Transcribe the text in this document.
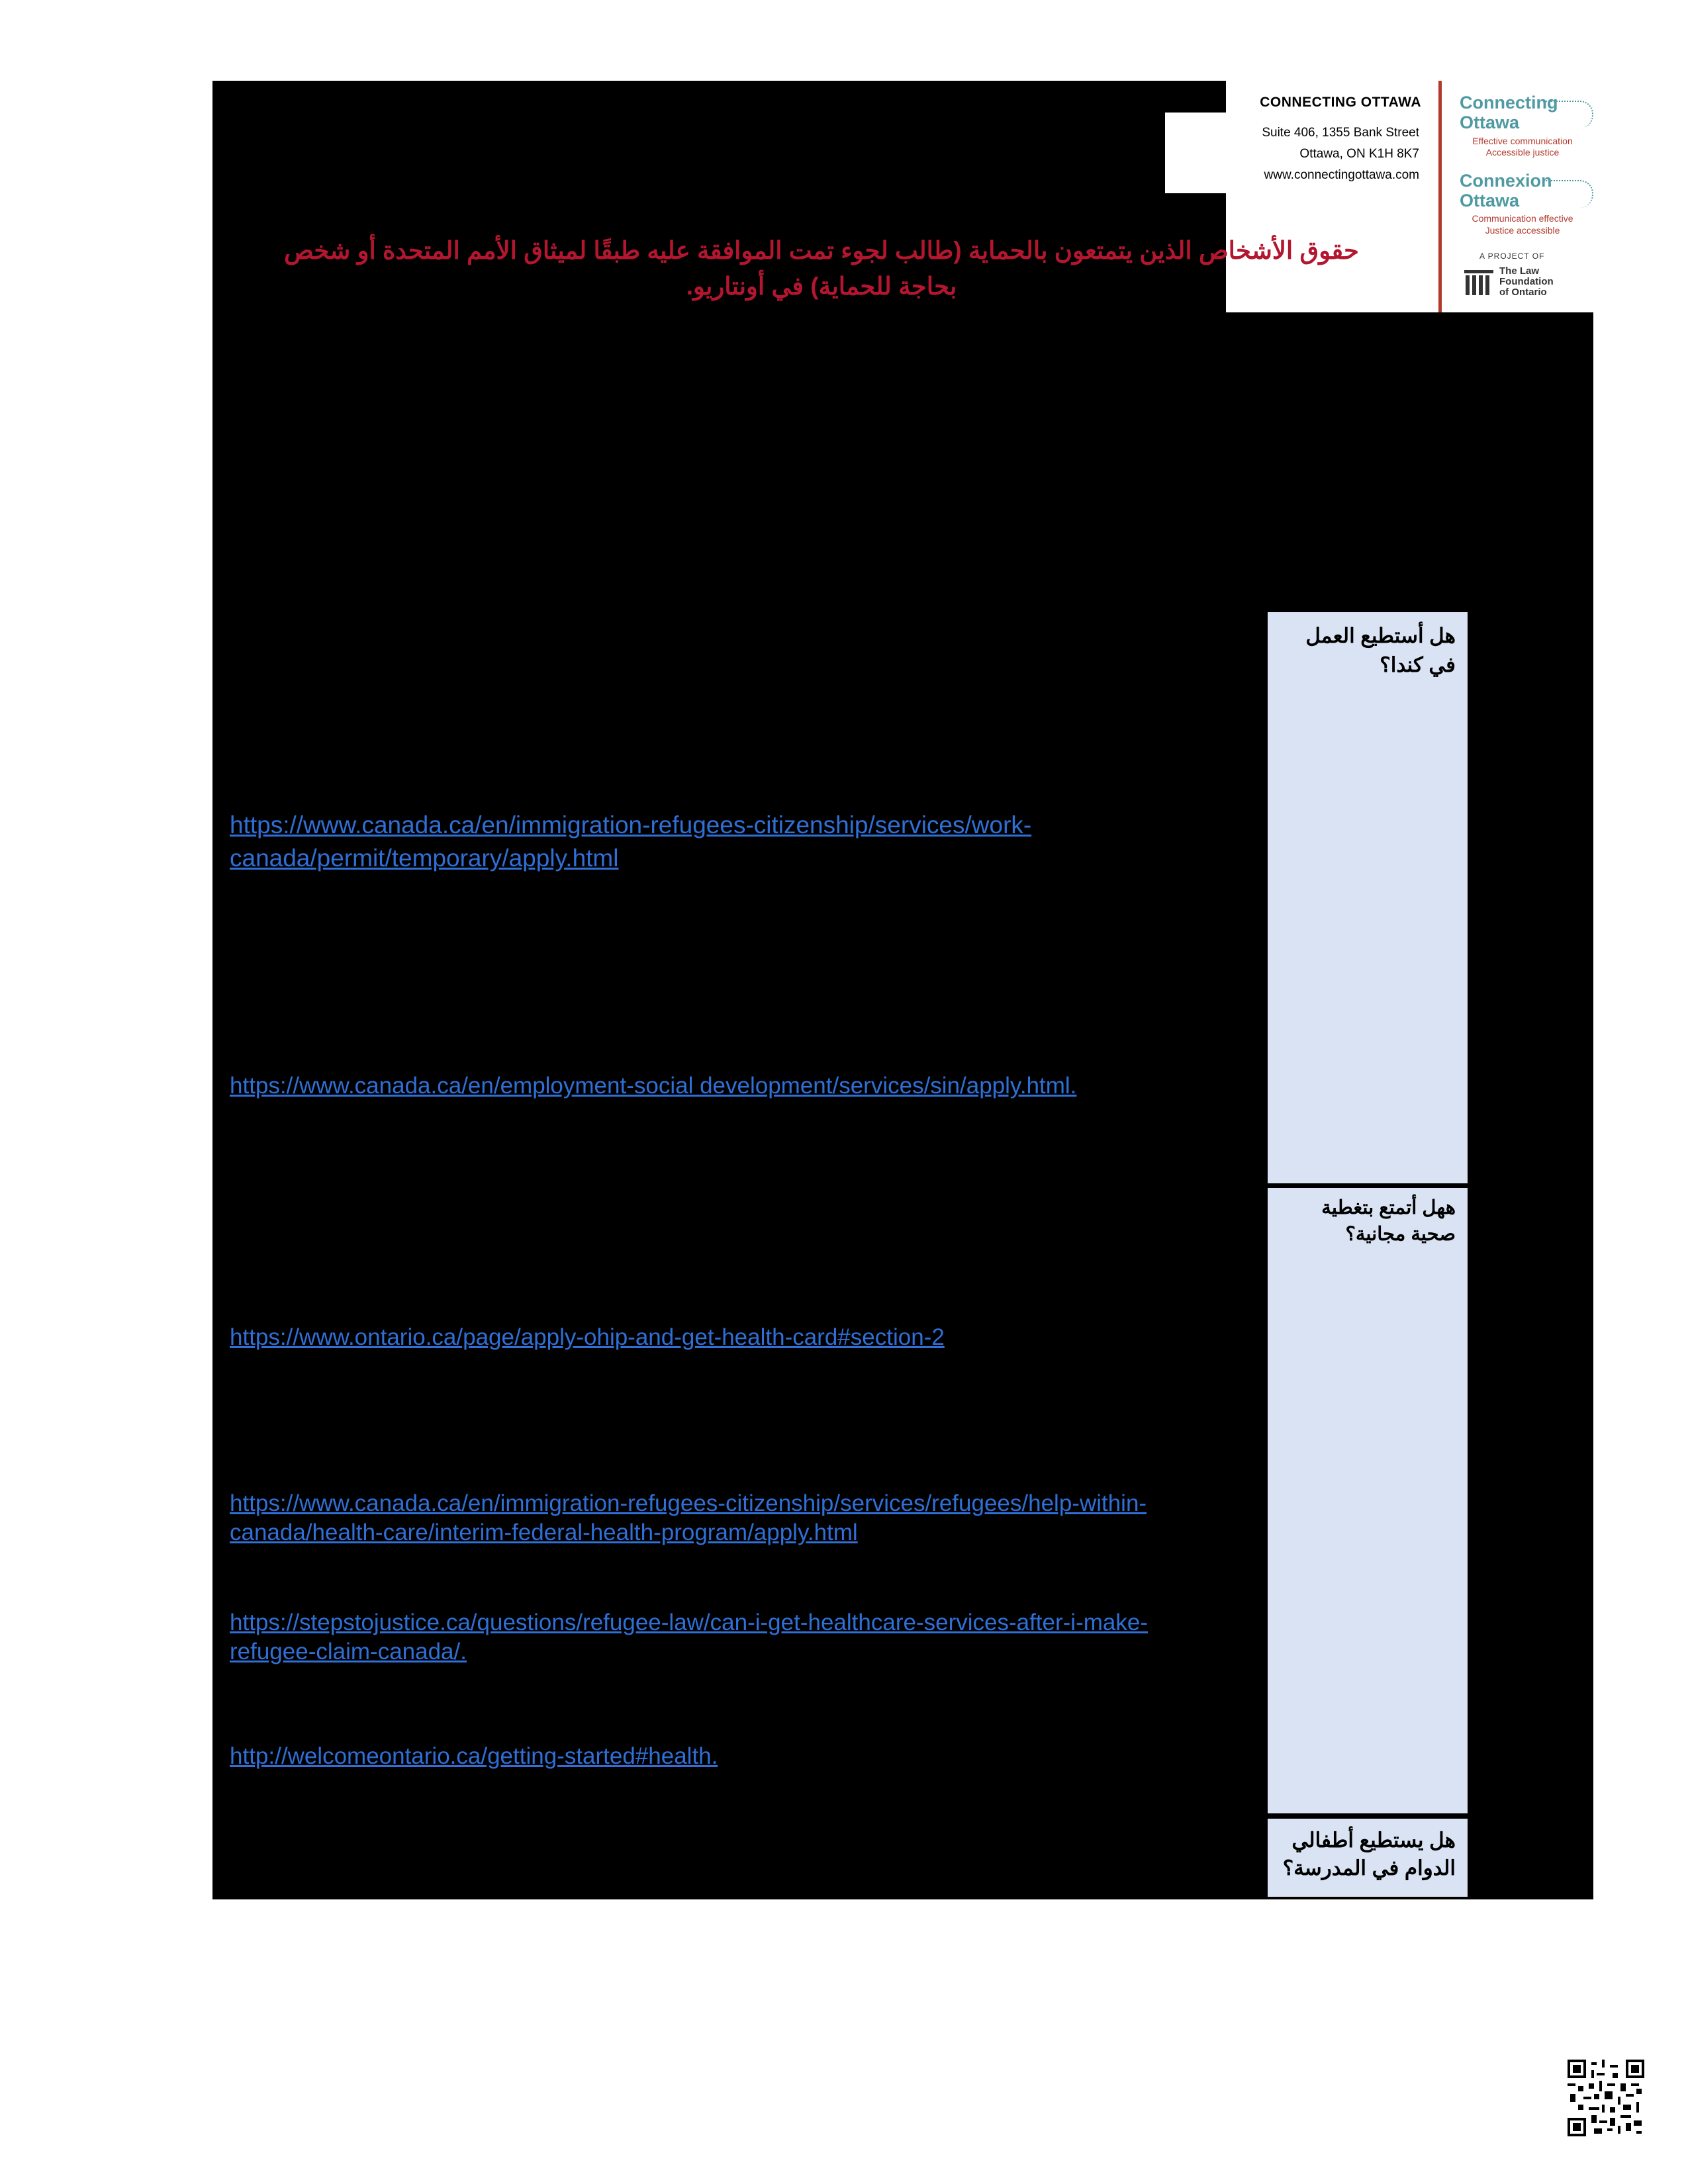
CONNECTING OTTAWA
Suite 406, 1355 Bank Street
Ottawa, ON K1H 8K7
www.connectingottawa.com
Connecting
Ottawa
Effective communication
Accessible justice
Connexion
Ottawa
Communication effective
Justice accessible
A PROJECT OF
The Law
Foundation
of Ontario
حقوق الأشخاص الذين يتمتعون بالحماية (طالب لجوء تمت الموافقة عليه طبقًا لميثاق الأمم المتحدة أو شخص بحاجة للحماية) في أونتاريو.
هل أستطيع العمل في كندا؟
ههل أتمتع بتغطية صحية مجانية؟
هل يستطيع أطفالي الدوام في المدرسة؟
https://www.canada.ca/en/immigration-refugees-citizenship/services/work-canada/permit/temporary/apply.html
https://www.canada.ca/en/employment-social development/services/sin/apply.html.
https://www.ontario.ca/page/apply-ohip-and-get-health-card#section-2
https://www.canada.ca/en/immigration-refugees-citizenship/services/refugees/help-within-canada/health-care/interim-federal-health-program/apply.html
https://stepstojustice.ca/questions/refugee-law/can-i-get-healthcare-services-after-i-make-refugee-claim-canada/.
http://welcomeontario.ca/getting-started#health.
